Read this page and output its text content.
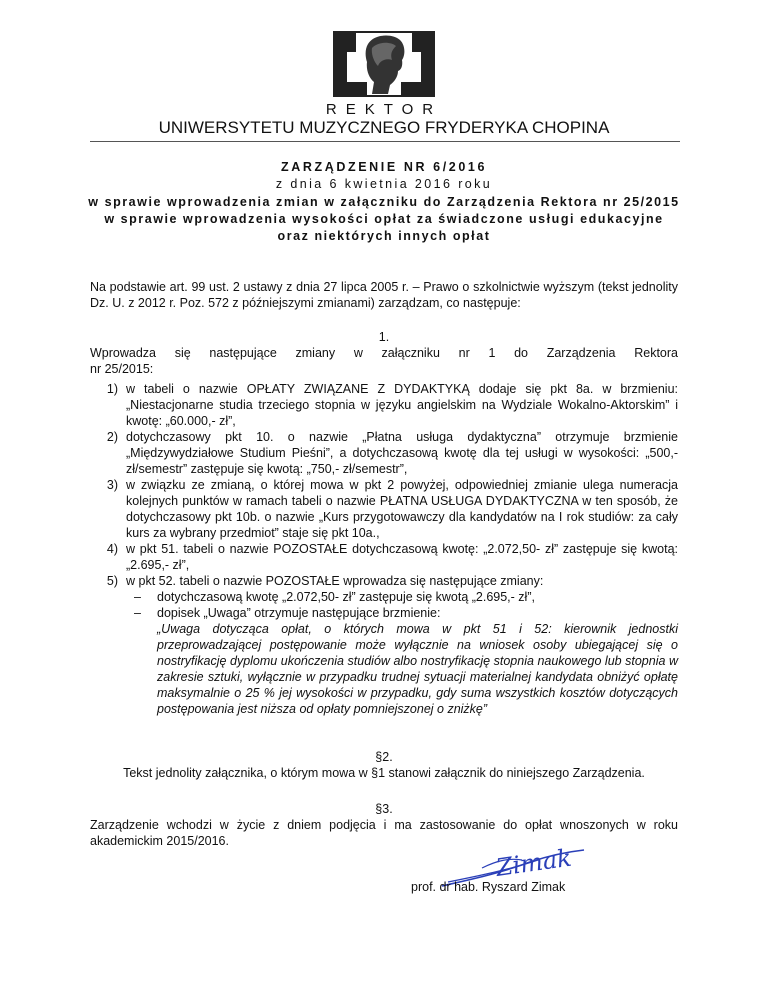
REKTOR
UNIWERSYTETU MUZYCZNEGO FRYDERYKA CHOPINA
ZARZĄDZENIE NR 6/2016
z dnia 6 kwietnia 2016 roku
w sprawie wprowadzenia zmian w załączniku do Zarządzenia Rektora nr 25/2015 w sprawie wprowadzenia wysokości opłat za świadczone usługi edukacyjne oraz niektórych innych opłat
Na podstawie art. 99 ust. 2 ustawy z dnia 27 lipca 2005 r. – Prawo o szkolnictwie wyższym (tekst jednolity Dz. U. z 2012 r. Poz. 572 z późniejszymi zmianami) zarządzam, co następuje:
1.
Wprowadza się następujące zmiany w załączniku nr 1 do Zarządzenia Rektora
nr 25/2015:
1) w tabeli o nazwie OPŁATY ZWIĄZANE Z DYDAKTYKĄ dodaje się pkt 8a. w brzmieniu: „Niestacjonarne studia trzeciego stopnia w języku angielskim na Wydziale Wokalno-Aktorskim” i kwotę: „60.000,- zł”,
2) dotychczasowy pkt 10. o nazwie „Płatna usługa dydaktyczna” otrzymuje brzmienie „Międzywydziałowe Studium Pieśni”, a dotychczasową kwotę dla tej usługi w wysokości: „500,- zł/semestr” zastępuje się kwotą: „750,- zł/semestr”,
3) w związku ze zmianą, o której mowa w pkt 2 powyżej, odpowiedniej zmianie ulega numeracja kolejnych punktów w ramach tabeli o nazwie PŁATNA USŁUGA DYDAKTYCZNA w ten sposób, że dotychczasowy pkt 10b. o nazwie „Kurs przygotowawczy dla kandydatów na I rok studiów: za cały kurs za wybrany przedmiot” staje się pkt 10a.,
4) w pkt 51. tabeli o nazwie POZOSTAŁE dotychczasową kwotę: „2.072,50- zł” zastępuje się kwotą: „2.695,- zł”,
5) w pkt 52. tabeli o nazwie POZOSTAŁE wprowadza się następujące zmiany:
– dotychczasową kwotę „2.072,50- zł” zastępuje się kwotą „2.695,- zł”,
– dopisek „Uwaga” otrzymuje następujące brzmienie:
„Uwaga dotycząca opłat, o których mowa w pkt 51 i 52: kierownik jednostki przeprowadzającej postępowanie może wyłącznie na wniosek osoby ubiegającej się o nostryfikację dyplomu ukończenia studiów albo nostryfikację stopnia naukowego lub stopnia w zakresie sztuki, wyłącznie w przypadku trudnej sytuacji materialnej kandydata obniżyć opłatę maksymalnie o 25 % jej wysokości w przypadku, gdy suma wszystkich kosztów dotyczących postępowania jest niższa od opłaty pomniejszonej o zniżkę”
§2.
Tekst jednolity załącznika, o którym mowa w §1 stanowi załącznik do niniejszego Zarządzenia.
§3.
Zarządzenie wchodzi w życie z dniem podjęcia i ma zastosowanie do opłat wnoszonych w roku akademickim 2015/2016.
Zimak
prof. dr hab. Ryszard Zimak
